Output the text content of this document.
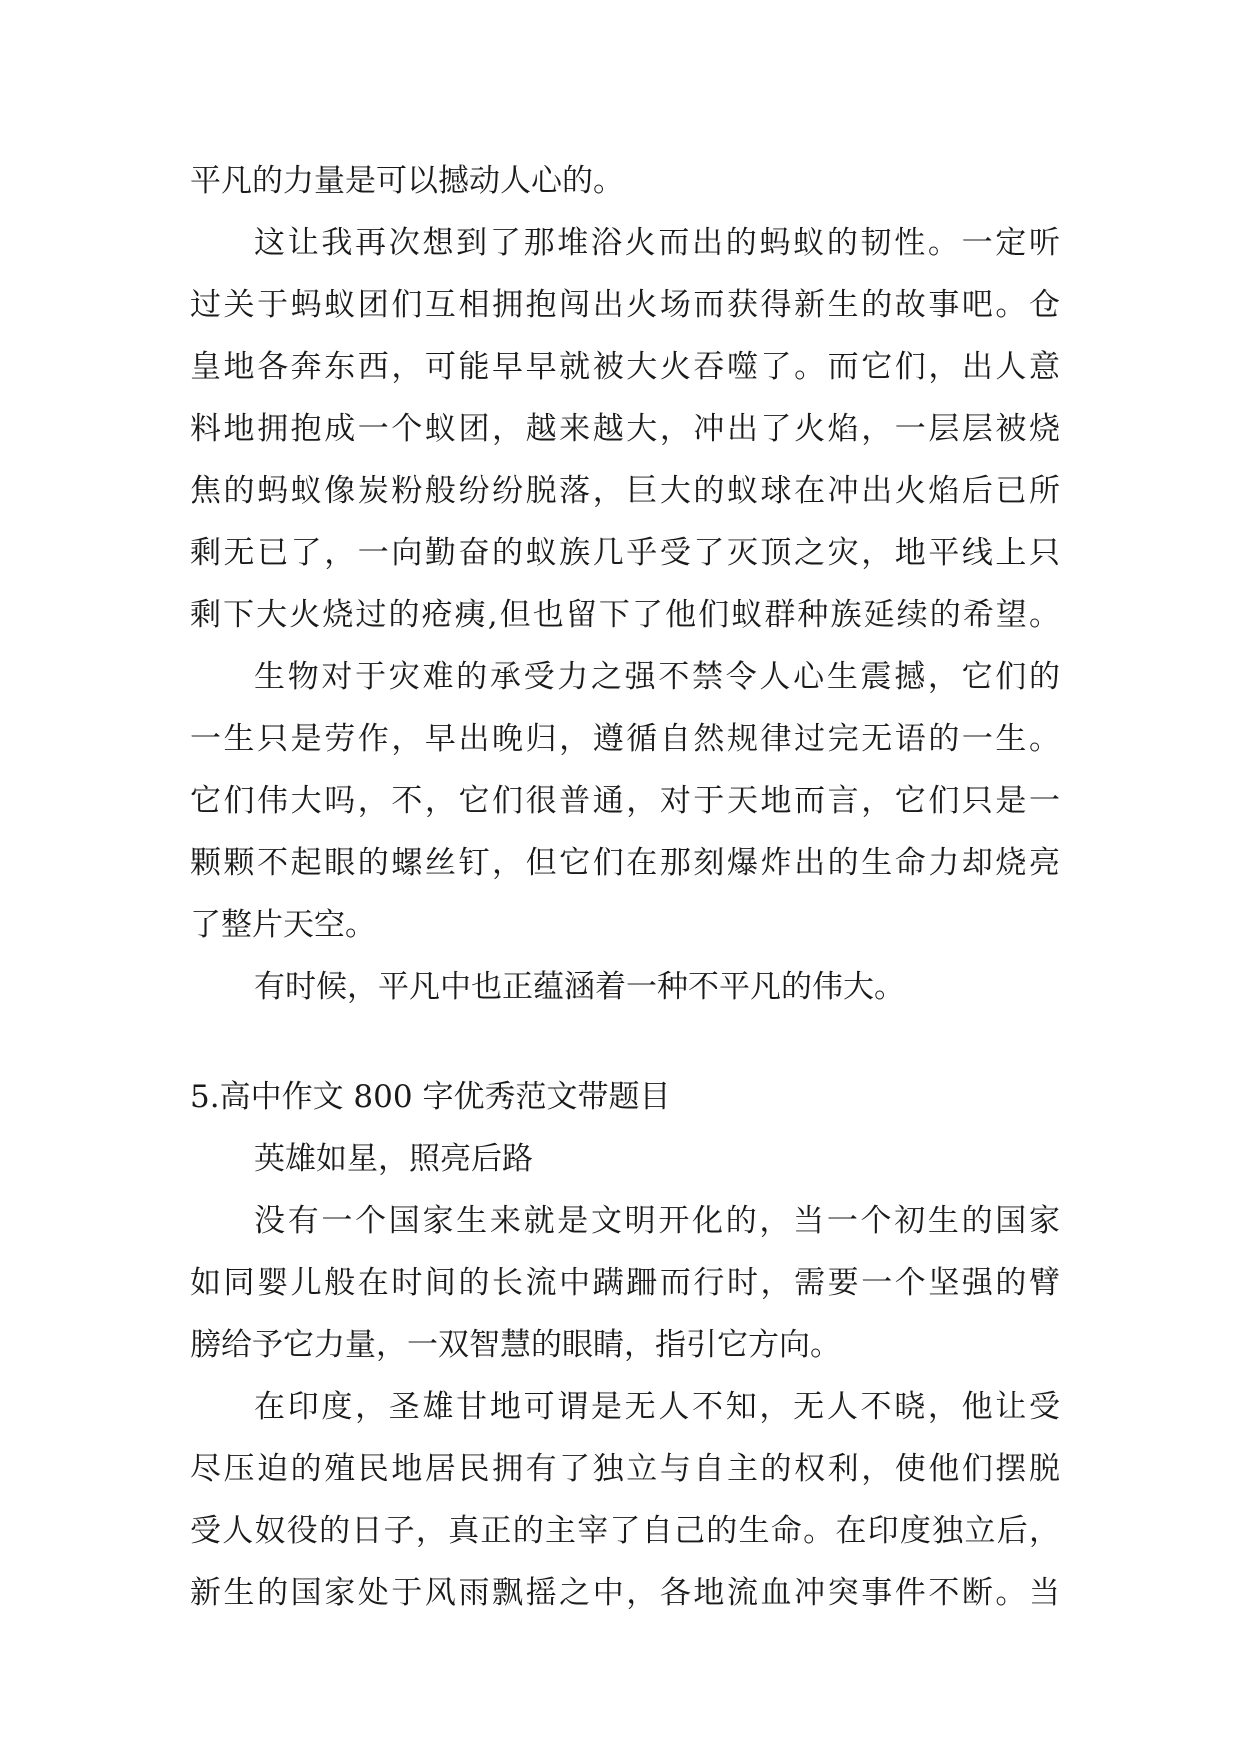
平凡的力量是可以撼动人心的。
这让我再次想到了那堆浴火而出的蚂蚁的韧性。一定听
过关于蚂蚁团们互相拥抱闯出火场而获得新生的故事吧。仓
皇地各奔东西，可能早早就被大火吞噬了。而它们，出人意
料地拥抱成一个蚁团，越来越大，冲出了火焰，一层层被烧
焦的蚂蚁像炭粉般纷纷脱落，巨大的蚁球在冲出火焰后已所
剩无已了，一向勤奋的蚁族几乎受了灭顶之灾，地平线上只
剩下大火烧过的疮痍,但也留下了他们蚁群种族延续的希望。
生物对于灾难的承受力之强不禁令人心生震撼，它们的
一生只是劳作，早出晚归，遵循自然规律过完无语的一生。
它们伟大吗，不，它们很普通，对于天地而言，它们只是一
颗颗不起眼的螺丝钉，但它们在那刻爆炸出的生命力却烧亮
了整片天空。
有时候，平凡中也正蕴涵着一种不平凡的伟大。
5.高中作文 800 字优秀范文带题目
英雄如星，照亮后路
没有一个国家生来就是文明开化的，当一个初生的国家
如同婴儿般在时间的长流中蹒跚而行时，需要一个坚强的臂
膀给予它力量，一双智慧的眼睛，指引它方向。
在印度，圣雄甘地可谓是无人不知，无人不晓，他让受
尽压迫的殖民地居民拥有了独立与自主的权利，使他们摆脱
受人奴役的日子，真正的主宰了自己的生命。在印度独立后，
新生的国家处于风雨飘摇之中，各地流血冲突事件不断。当
